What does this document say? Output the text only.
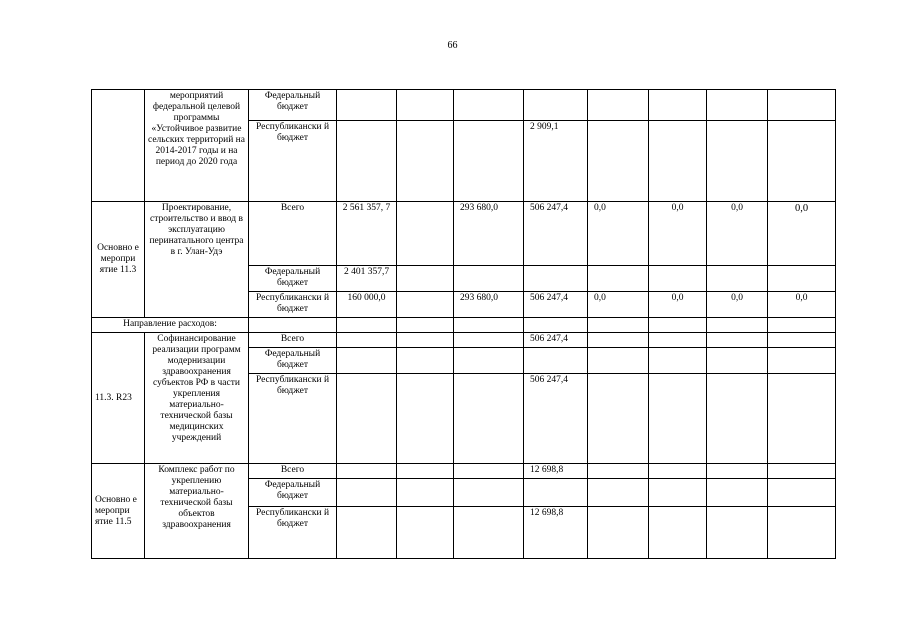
66
	мероприятий федеральной целевой программы «Устойчивое развитие сельских территорий на 2014-2017 годы и на период до 2020 года	Федеральный бюджет								
		Республикански й бюджет				2 909,1				
Основно е меропри ятие 11.3	Проектирование, строительство и ввод в эксплуатацию перинатального центра в г. Улан-Удэ	Всего	2 561 357, 7		293 680,0	506 247,4	0,0	0,0	0,0	0,0
		Федеральный бюджет	2 401 357,7							
		Республикански й бюджет	160 000,0		293 680,0	506 247,4	0,0	0,0	0,0	0,0
Направление расходов:										
11.3. R23	Софинансирование реализации программ модернизации здравоохранения субъектов РФ в части укрепления материально-технической базы медицинских учреждений	Всего				506 247,4				
		Федеральный бюджет								
		Республикански й бюджет				506 247,4				
Основно е меропри ятие 11.5	Комплекс работ по укреплению материально-технической базы объектов здравоохранения	Всего				12 698,8				
		Федеральный бюджет								
		Республикански й бюджет				12 698,8				
